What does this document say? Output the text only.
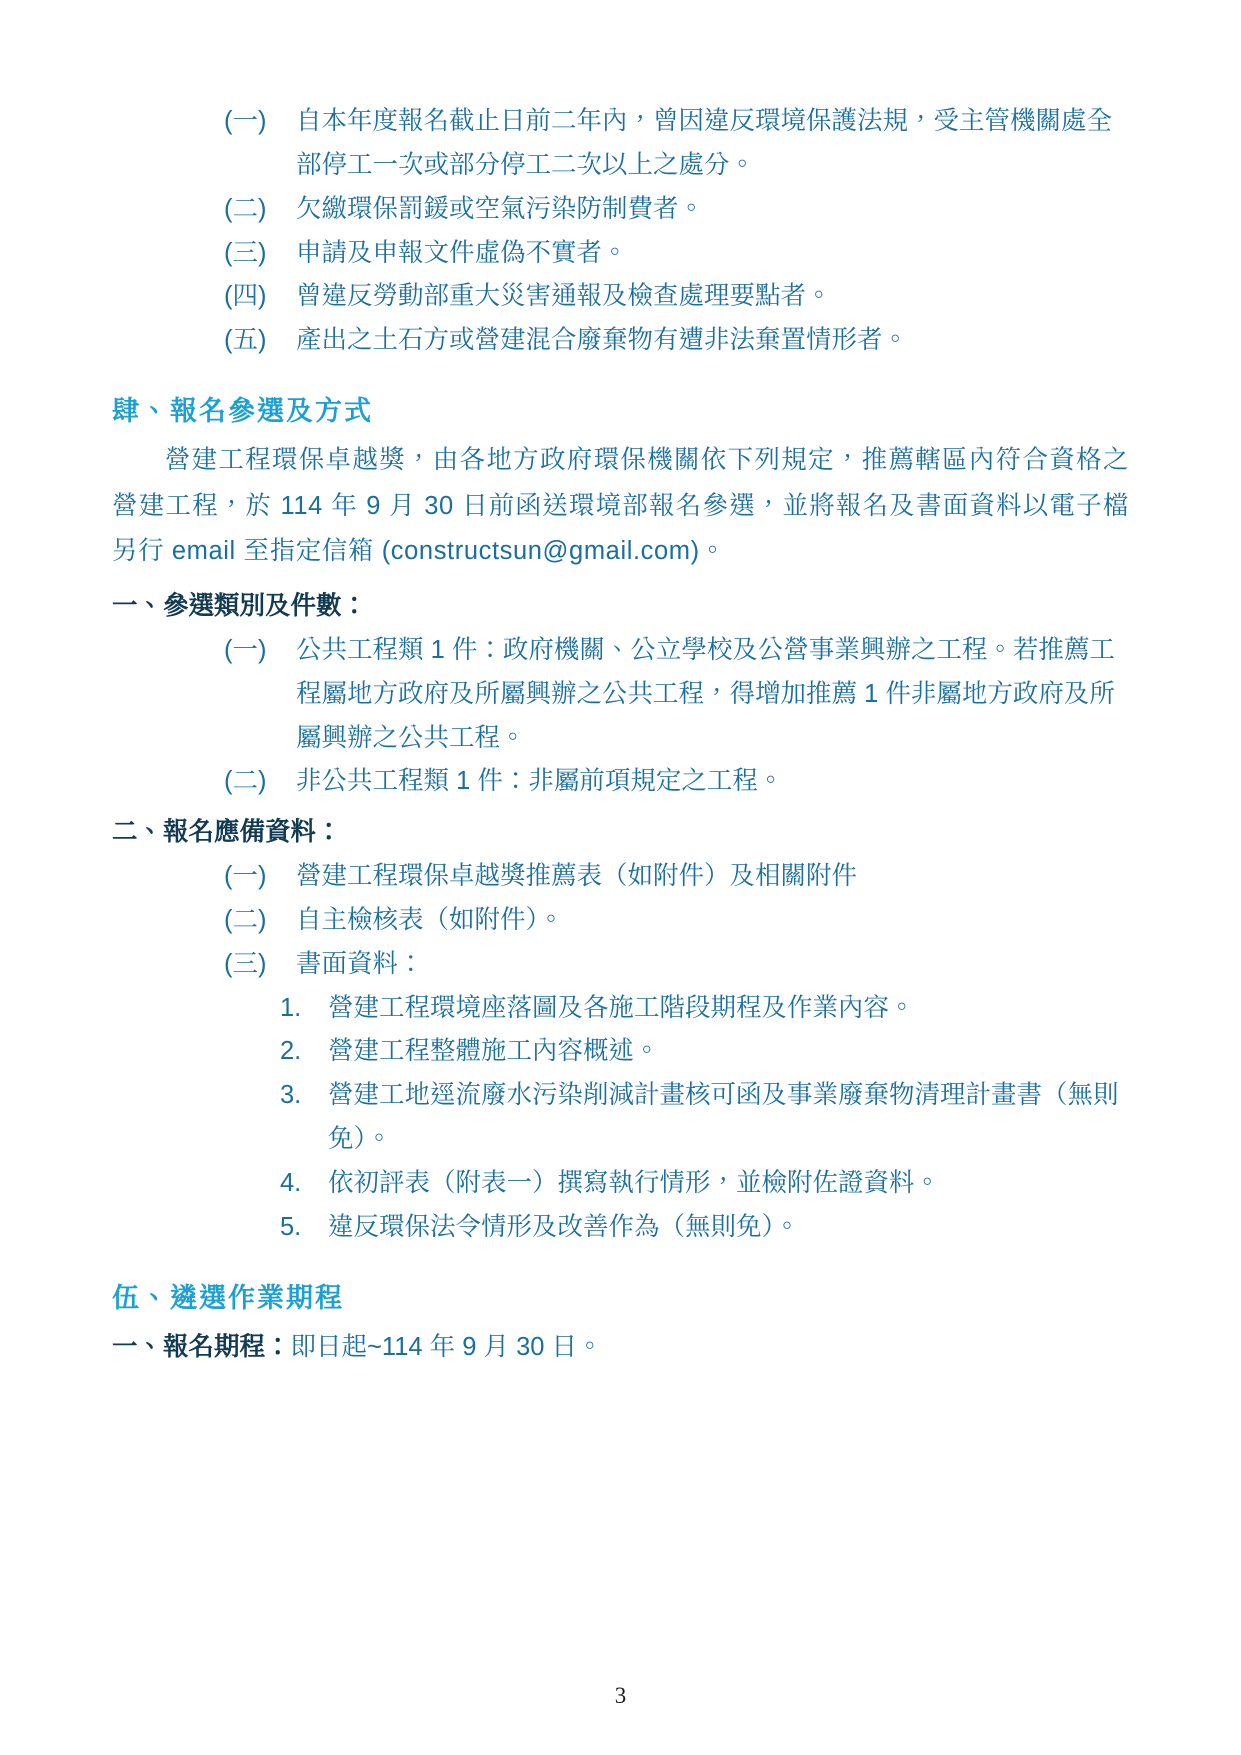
(一)	自本年度報名截止日前二年內，曾因違反環境保護法規，受主管機關處全部停工一次或部分停工二次以上之處分。
(二)	欠繳環保罰鍰或空氣污染防制費者。
(三)	申請及申報文件虛偽不實者。
(四)	曾違反勞動部重大災害通報及檢查處理要點者。
(五)	產出之土石方或營建混合廢棄物有遭非法棄置情形者。
肆、報名參選及方式
營建工程環保卓越獎，由各地方政府環保機關依下列規定，推薦轄區內符合資格之營建工程，於 114 年 9 月 30 日前函送環境部報名參選，並將報名及書面資料以電子檔另行 email 至指定信箱 (constructsun@gmail.com)。
一、 參選類別及件數：
(一)	公共工程類 1 件：政府機關、公立學校及公營事業興辦之工程。若推薦工程屬地方政府及所屬興辦之公共工程，得增加推薦 1 件非屬地方政府及所屬興辦之公共工程。
(二)	非公共工程類 1 件：非屬前項規定之工程。
二、 報名應備資料：
(一)	營建工程環保卓越獎推薦表（如附件）及相關附件
(二)	自主檢核表（如附件）。
(三)	書面資料：
1.	營建工程環境座落圖及各施工階段期程及作業內容。
2.	營建工程整體施工內容概述。
3.	營建工地逕流廢水污染削減計畫核可函及事業廢棄物清理計畫書（無則免）。
4.	依初評表（附表一）撰寫執行情形，並檢附佐證資料。
5.	違反環保法令情形及改善作為（無則免）。
伍、遴選作業期程
一、 報名期程：即日起~114 年 9 月 30 日。
3
